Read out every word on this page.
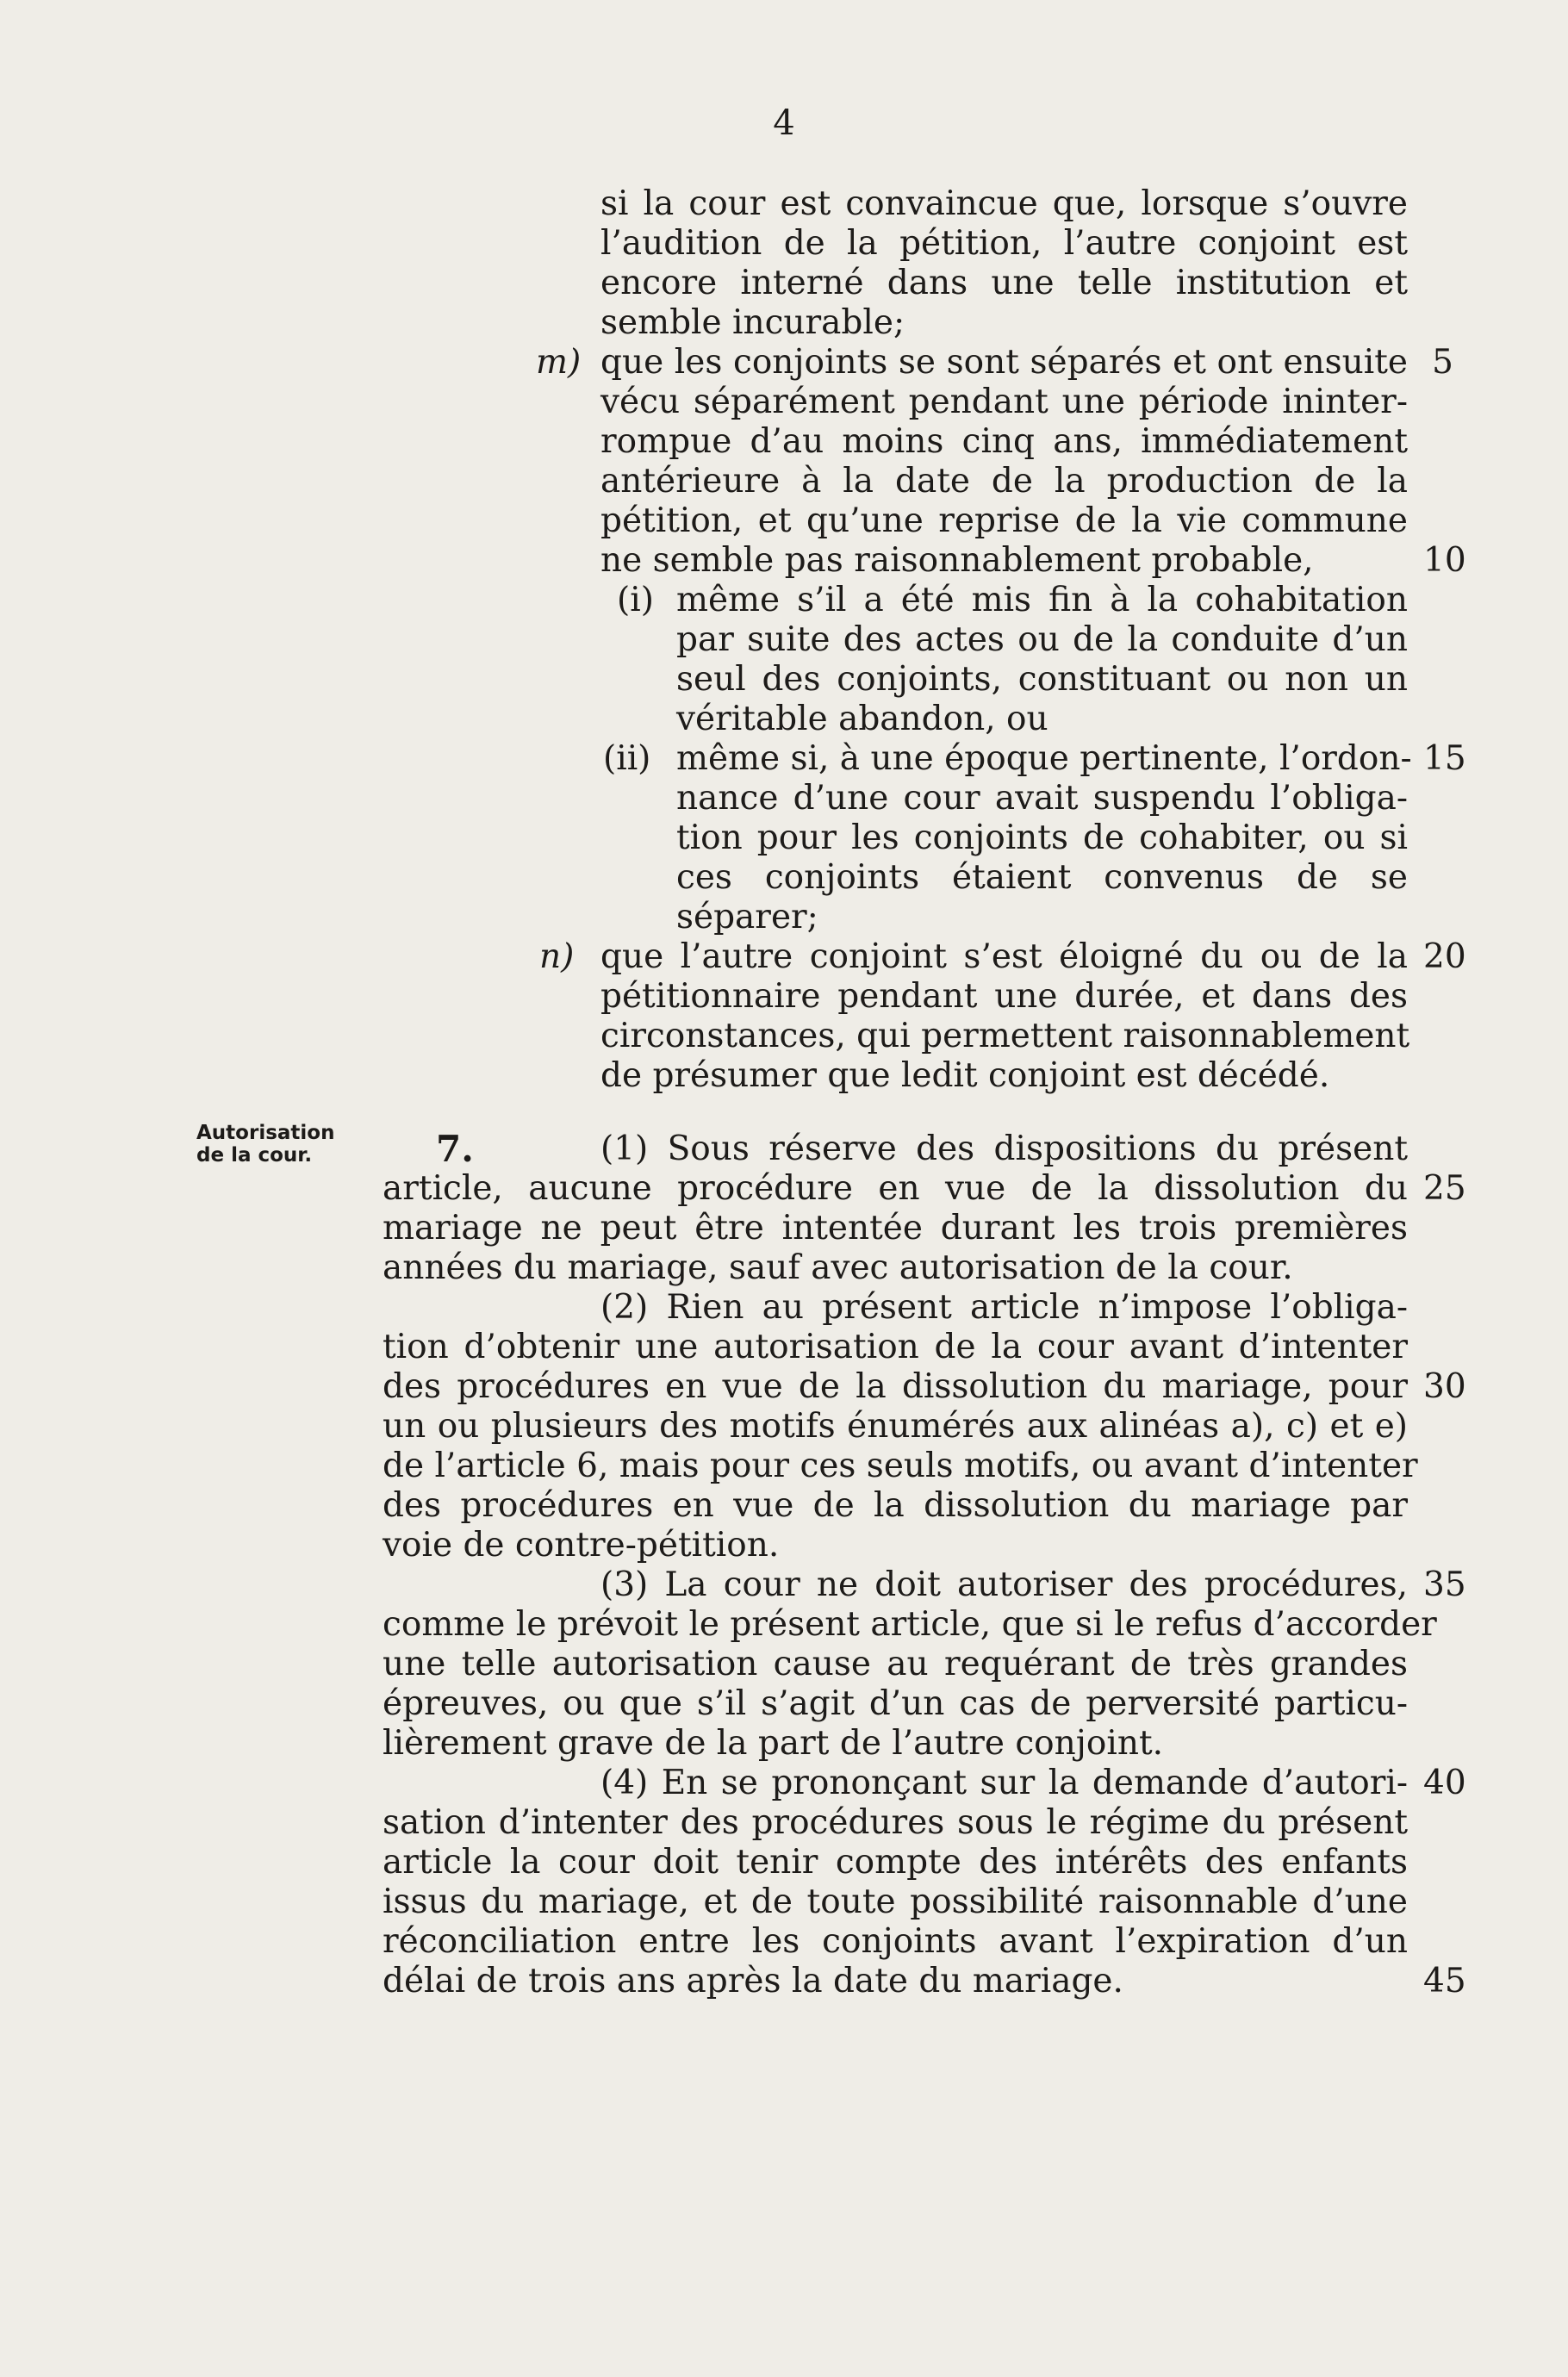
4
si la cour est convaincue que, lorsque s’ouvre
l’audition de la pétition, l’autre conjoint est
encore interné dans une telle institution et
semble incurable;
m) que les conjoints se sont séparés et ont ensuite
vécu séparément pendant une période ininter-
rompue d’au moins cinq ans, immédiatement
antérieure à la date de la production de la
pétition, et qu’une reprise de la vie commune
ne semble pas raisonnablement probable,
(i) même s’il a été mis fin à la cohabitation
par suite des actes ou de la conduite d’un
seul des conjoints, constituant ou non un
véritable abandon, ou
(ii) même si, à une époque pertinente, l’ordon-
nance d’une cour avait suspendu l’obliga-
tion pour les conjoints de cohabiter, ou si
ces conjoints étaient convenus de se
séparer;
n) que l’autre conjoint s’est éloigné du ou de la
pétitionnaire pendant une durée, et dans des
circonstances, qui permettent raisonnablement
de présumer que ledit conjoint est décédé.
Autorisation
de la cour.	7.	(1) Sous réserve des dispositions du présent
article, aucune procédure en vue de la dissolution du
mariage ne peut être intentée durant les trois premières
années du mariage, sauf avec autorisation de la cour.
(2) Rien au présent article n’impose l’obliga-
tion d’obtenir une autorisation de la cour avant d’intenter
des procédures en vue de la dissolution du mariage, pour
un ou plusieurs des motifs énumérés aux alinéas a), c) et e)
de l’article 6, mais pour ces seuls motifs, ou avant d’intenter
des procédures en vue de la dissolution du mariage par
voie de contre-pétition.
(3) La cour ne doit autoriser des procédures,
comme le prévoit le présent article, que si le refus d’accorder
une telle autorisation cause au requérant de très grandes
épreuves, ou que s’il s’agit d’un cas de perversité particu-
lièrement grave de la part de l’autre conjoint.
(4) En se prononçant sur la demande d’autori-
sation d’intenter des procédures sous le régime du présent
article la cour doit tenir compte des intérêts des enfants
issus du mariage, et de toute possibilité raisonnable d’une
réconciliation entre les conjoints avant l’expiration d’un
délai de trois ans après la date du mariage.
5
10
15
20
25
30
35
40
45
